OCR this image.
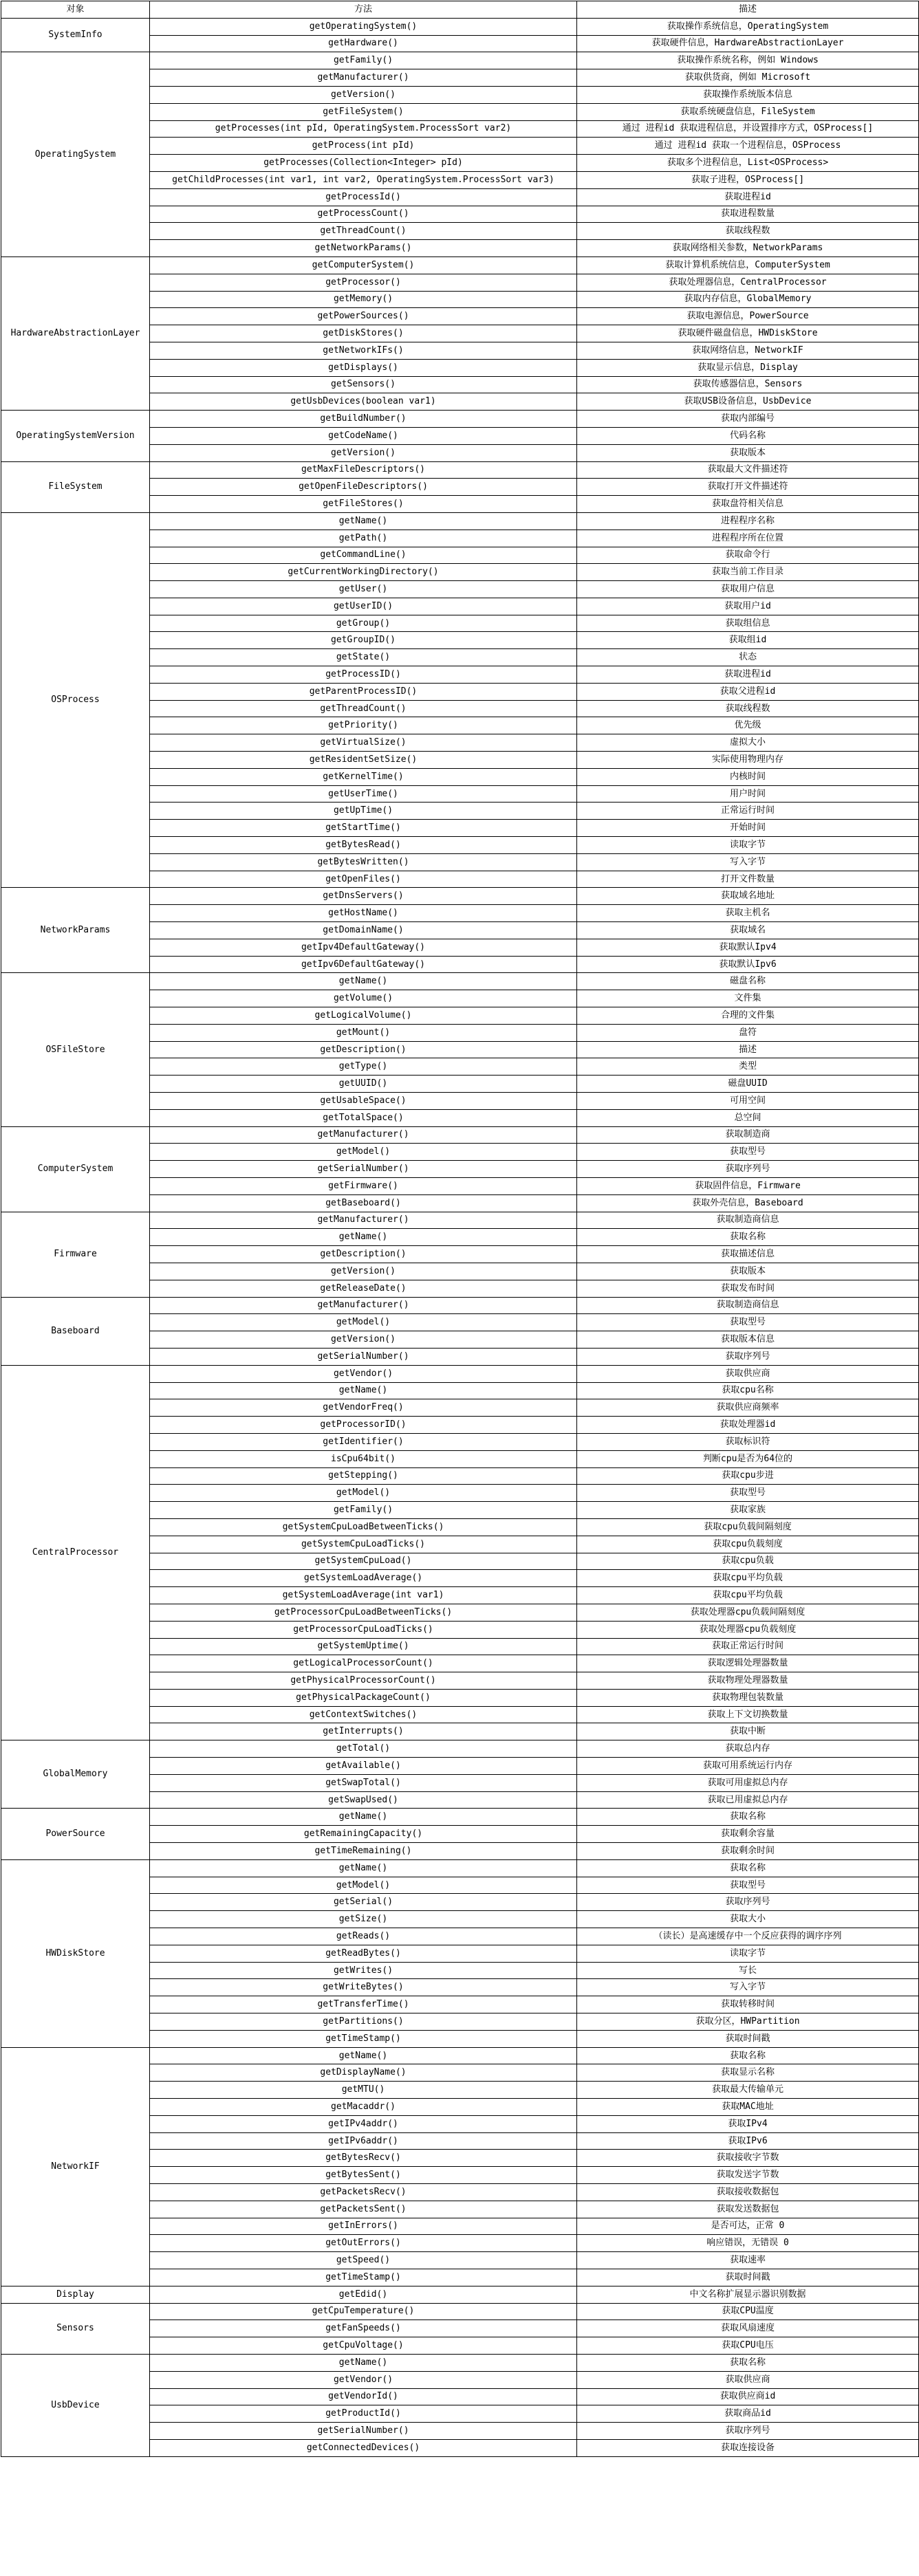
对象	方法	描述
SystemInfo	getOperatingSystem()	获取操作系统信息，OperatingSystem
	getHardware()	获取硬件信息，HardwareAbstractionLayer
OperatingSystem	getFamily()	获取操作系统名称，例如 Windows
	getManufacturer()	获取供货商，例如 Microsoft
	getVersion()	获取操作系统版本信息
	getFileSystem()	获取系统硬盘信息，FileSystem
	getProcesses(int pId, OperatingSystem.ProcessSort var2)	通过 进程id 获取进程信息，并设置排序方式，OSProcess[]
	getProcess(int pId)	通过 进程id 获取一个进程信息，OSProcess
	getProcesses(Collection<Integer> pId)	获取多个进程信息，List<OSProcess>
	getChildProcesses(int var1, int var2, OperatingSystem.ProcessSort var3)	获取子进程，OSProcess[]
	getProcessId()	获取进程id
	getProcessCount()	获取进程数量
	getThreadCount()	获取线程数
	getNetworkParams()	获取网络相关参数，NetworkParams
HardwareAbstractionLayer	getComputerSystem()	获取计算机系统信息，ComputerSystem
	getProcessor()	获取处理器信息，CentralProcessor
	getMemory()	获取内存信息，GlobalMemory
	getPowerSources()	获取电源信息，PowerSource
	getDiskStores()	获取硬件磁盘信息，HWDiskStore
	getNetworkIFs()	获取网络信息，NetworkIF
	getDisplays()	获取显示信息，Display
	getSensors()	获取传感器信息，Sensors
	getUsbDevices(boolean var1)	获取USB设备信息，UsbDevice
OperatingSystemVersion	getBuildNumber()	获取内部编号
	getCodeName()	代码名称
	getVersion()	获取版本
FileSystem	getMaxFileDescriptors()	获取最大文件描述符
	getOpenFileDescriptors()	获取打开文件描述符
	getFileStores()	获取盘符相关信息
OSProcess	getName()	进程程序名称
	getPath()	进程程序所在位置
	getCommandLine()	获取命令行
	getCurrentWorkingDirectory()	获取当前工作目录
	getUser()	获取用户信息
	getUserID()	获取用户id
	getGroup()	获取组信息
	getGroupID()	获取组id
	getState()	状态
	getProcessID()	获取进程id
	getParentProcessID()	获取父进程id
	getThreadCount()	获取线程数
	getPriority()	优先级
	getVirtualSize()	虚拟大小
	getResidentSetSize()	实际使用物理内存
	getKernelTime()	内核时间
	getUserTime()	用户时间
	getUpTime()	正常运行时间
	getStartTime()	开始时间
	getBytesRead()	读取字节
	getBytesWritten()	写入字节
	getOpenFiles()	打开文件数量
NetworkParams	getDnsServers()	获取域名地址
	getHostName()	获取主机名
	getDomainName()	获取域名
	getIpv4DefaultGateway()	获取默认Ipv4
	getIpv6DefaultGateway()	获取默认Ipv6
OSFileStore	getName()	磁盘名称
	getVolume()	文件集
	getLogicalVolume()	合理的文件集
	getMount()	盘符
	getDescription()	描述
	getType()	类型
	getUUID()	磁盘UUID
	getUsableSpace()	可用空间
	getTotalSpace()	总空间
ComputerSystem	getManufacturer()	获取制造商
	getModel()	获取型号
	getSerialNumber()	获取序列号
	getFirmware()	获取固件信息，Firmware
	getBaseboard()	获取外壳信息，Baseboard
Firmware	getManufacturer()	获取制造商信息
	getName()	获取名称
	getDescription()	获取描述信息
	getVersion()	获取版本
	getReleaseDate()	获取发布时间
Baseboard	getManufacturer()	获取制造商信息
	getModel()	获取型号
	getVersion()	获取版本信息
	getSerialNumber()	获取序列号
CentralProcessor	getVendor()	获取供应商
	getName()	获取cpu名称
	getVendorFreq()	获取供应商频率
	getProcessorID()	获取处理器id
	getIdentifier()	获取标识符
	isCpu64bit()	判断cpu是否为64位的
	getStepping()	获取cpu步进
	getModel()	获取型号
	getFamily()	获取家族
	getSystemCpuLoadBetweenTicks()	获取cpu负载间隔刻度
	getSystemCpuLoadTicks()	获取cpu负载刻度
	getSystemCpuLoad()	获取cpu负载
	getSystemLoadAverage()	获取cpu平均负载
	getSystemLoadAverage(int var1)	获取cpu平均负载
	getProcessorCpuLoadBetweenTicks()	获取处理器cpu负载间隔刻度
	getProcessorCpuLoadTicks()	获取处理器cpu负载刻度
	getSystemUptime()	获取正常运行时间
	getLogicalProcessorCount()	获取逻辑处理器数量
	getPhysicalProcessorCount()	获取物理处理器数量
	getPhysicalPackageCount()	获取物理包装数量
	getContextSwitches()	获取上下文切换数量
	getInterrupts()	获取中断
GlobalMemory	getTotal()	获取总内存
	getAvailable()	获取可用系统运行内存
	getSwapTotal()	获取可用虚拟总内存
	getSwapUsed()	获取已用虚拟总内存
PowerSource	getName()	获取名称
	getRemainingCapacity()	获取剩余容量
	getTimeRemaining()	获取剩余时间
HWDiskStore	getName()	获取名称
	getModel()	获取型号
	getSerial()	获取序列号
	getSize()	获取大小
	getReads()	（读长）是高速缓存中一个反应获得的调序序列
	getReadBytes()	读取字节
	getWrites()	写长
	getWriteBytes()	写入字节
	getTransferTime()	获取转移时间
	getPartitions()	获取分区，HWPartition
	getTimeStamp()	获取时间戳
NetworkIF	getName()	获取名称
	getDisplayName()	获取显示名称
	getMTU()	获取最大传输单元
	getMacaddr()	获取MAC地址
	getIPv4addr()	获取IPv4
	getIPv6addr()	获取IPv6
	getBytesRecv()	获取接收字节数
	getBytesSent()	获取发送字节数
	getPacketsRecv()	获取接收数据包
	getPacketsSent()	获取发送数据包
	getInErrors()	是否可达，正常 0
	getOutErrors()	响应错误，无错误 0
	getSpeed()	获取速率
	getTimeStamp()	获取时间戳
Display	getEdid()	中文名称扩展显示器识别数据
Sensors	getCpuTemperature()	获取CPU温度
	getFanSpeeds()	获取风扇速度
	getCpuVoltage()	获取CPU电压
UsbDevice	getName()	获取名称
	getVendor()	获取供应商
	getVendorId()	获取供应商id
	getProductId()	获取商品id
	getSerialNumber()	获取序列号
	getConnectedDevices()	获取连接设备
